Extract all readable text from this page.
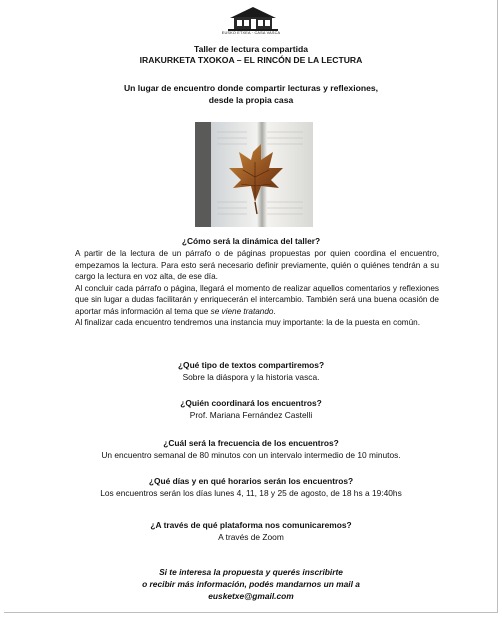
EUSKO ETXEA · CASA VASCA
Taller de lectura compartida
IRAKURKETA TXOKOA – EL RINCÓN DE LA LECTURA
Un lugar de encuentro donde compartir lecturas y reflexiones,
desde la propia casa
¿Cómo será la dinámica del taller?

A partir de la lectura de un párrafo o de páginas propuestas por quien coordina el encuentro, empezamos la lectura. Para esto será necesario definir previamente, quién o quiénes tendrán a su cargo la lectura en voz alta, de ese día.

Al concluir cada párrafo o página, llegará el momento de realizar aquellos comentarios y reflexiones que sin lugar a dudas facilitarán y enriquecerán el intercambio. También será una buena ocasión de aportar más información al tema que se viene tratando.

Al finalizar cada encuentro tendremos una instancia muy importante: la de la puesta en común.

¿Qué tipo de textos compartiremos?
Sobre la diáspora y la historia vasca.
¿Quién coordinará los encuentros?
Prof. Mariana Fernández Castelli
¿Cuál será la frecuencia de los encuentros?
Un encuentro semanal de 80 minutos con un intervalo intermedio de 10 minutos.
¿Qué días y en qué horarios serán los encuentros?
Los encuentros serán los días lunes 4, 11, 18 y 25 de agosto, de 18 hs a 19:40hs
¿A través de qué plataforma nos comunicaremos?
A través de Zoom
Si te interesa la propuesta y querés inscribirte
o recibir más información, podés mandarnos un mail a
eusketxe@gmail.com
